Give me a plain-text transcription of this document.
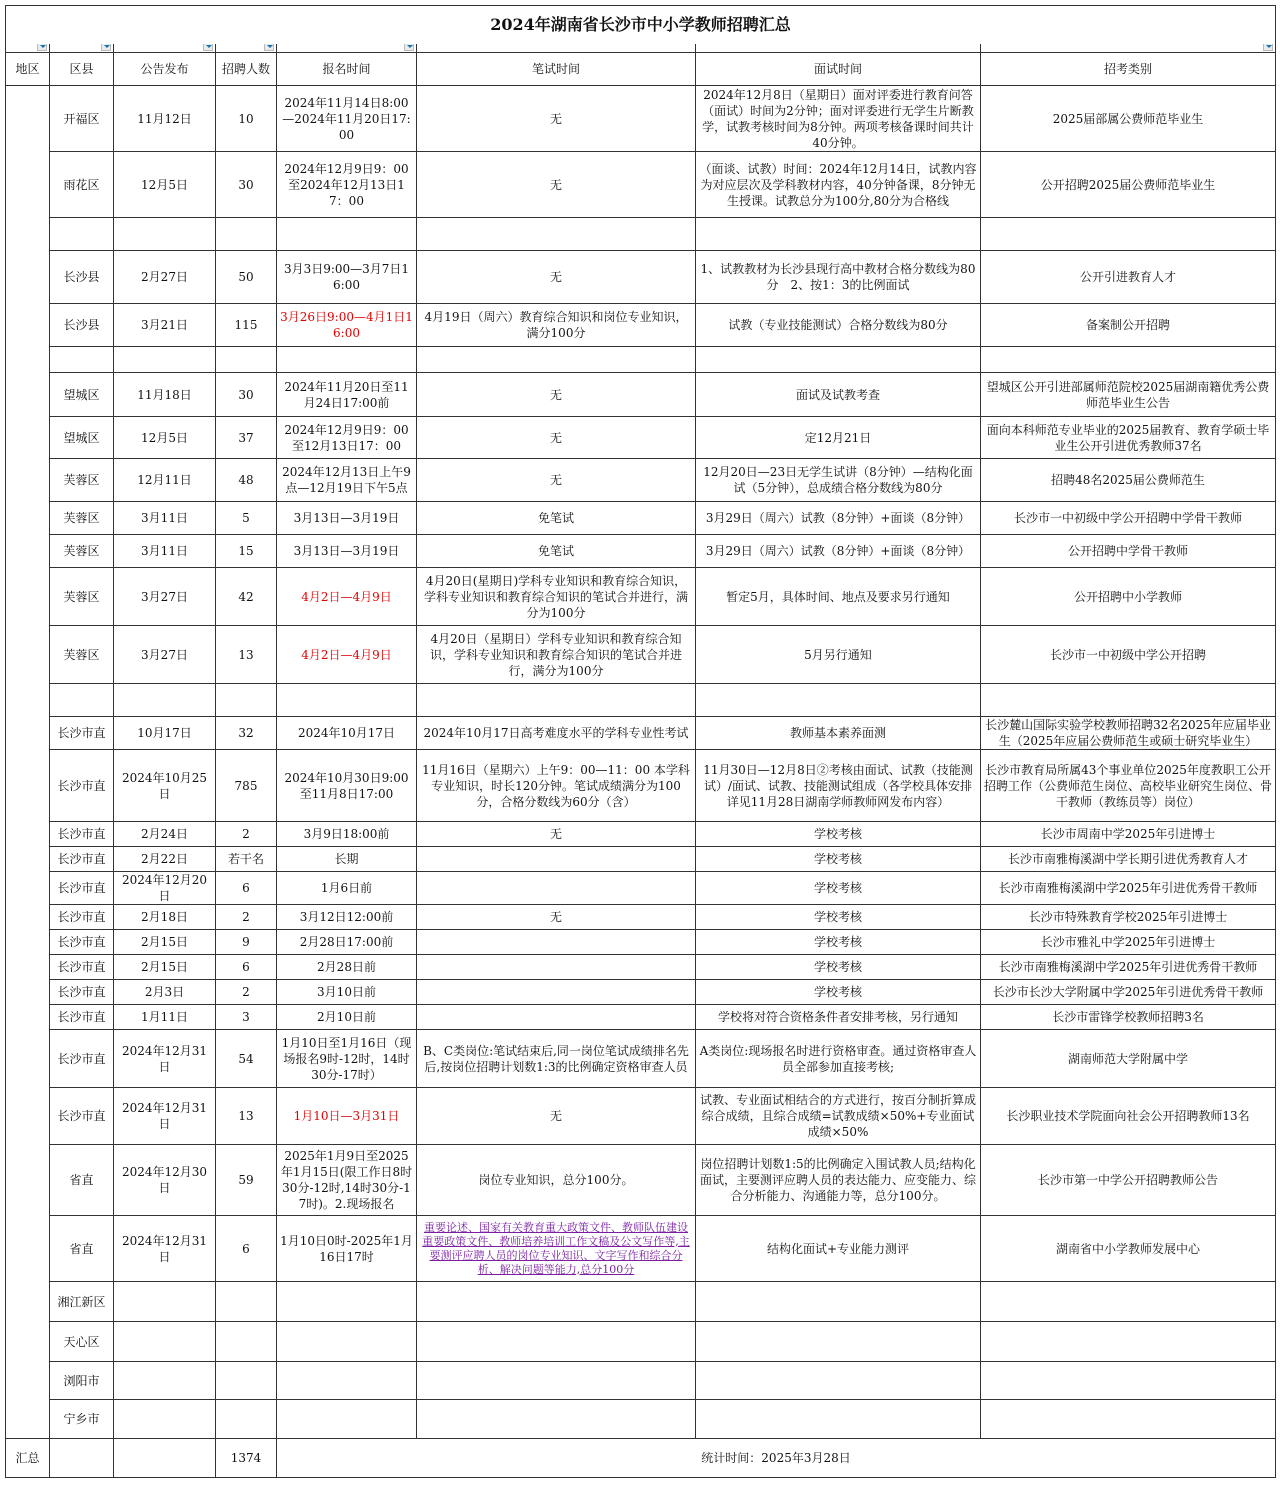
2024年湖南省长沙市中小学教师招聘汇总							

地区	区县	公告发布	招聘人数	报名时间	笔试时间	面试时间	招考类别
	开福区	11月12日	10	2024年11月14日8:00—2024年11月20日17:00	无	2024年12月8日（星期日）面对评委进行教育问答（面试）时间为2分钟；面对评委进行无学生片断教学，试教考核时间为8分钟。两项考核备课时间共计40分钟。	2025届部属公费师范毕业生
	雨花区	12月5日	30	2024年12月9日9：00至2024年12月13日17：00	无	（面谈、试教）时间：2024年12月14日，试教内容为对应层次及学科教材内容，40分钟备课，8分钟无生授课。试教总分为100分,80分为合格线	公开招聘2025届公费师范毕业生

	长沙县	2月27日	50	3月3日9:00—3月7日16:00	无	1、试教教材为长沙县现行高中教材合格分数线为80分　2、按1：3的比例面试	公开引进教育人才
	长沙县	3月21日	115	3月26日9:00—4月1日16:00	4月19日（周六）教育综合知识和岗位专业知识，满分100分	试教（专业技能测试）合格分数线为80分	备案制公开招聘

	望城区	11月18日	30	2024年11月20日至11月24日17:00前	无	面试及试教考查	望城区公开引进部属师范院校2025届湖南籍优秀公费师范毕业生公告
	望城区	12月5日	37	2024年12月9日9：00至12月13日17：00	无	定12月21日	面向本科师范专业毕业的2025届教育、教育学硕士毕业生公开引进优秀教师37名
	芙蓉区	12月11日	48	2024年12月13日上午9点—12月19日下午5点	无	12月20日—23日无学生试讲（8分钟）—结构化面试（5分钟），总成绩合格分数线为80分	招聘48名2025届公费师范生
	芙蓉区	3月11日	5	3月13日—3月19日	免笔试	3月29日（周六）试教（8分钟）+面谈（8分钟）	长沙市一中初级中学公开招聘中学骨干教师
	芙蓉区	3月11日	15	3月13日—3月19日	免笔试	3月29日（周六）试教（8分钟）+面谈（8分钟）	公开招聘中学骨干教师
	芙蓉区	3月27日	42	4月2日—4月9日	4月20日(星期日)学科专业知识和教育综合知识，学科专业知识和教育综合知识的笔试合并进行，满分为100分	暂定5月，具体时间、地点及要求另行通知	公开招聘中小学教师
	芙蓉区	3月27日	13	4月2日—4月9日	4月20日（星期日）学科专业知识和教育综合知识，学科专业知识和教育综合知识的笔试合并进行，满分为100分	5月另行通知	长沙市一中初级中学公开招聘

	长沙市直	10月17日	32	2024年10月17日	2024年10月17日高考难度水平的学科专业性考试	教师基本素养面测	长沙麓山国际实验学校教师招聘32名2025年应届毕业生（2025年应届公费师范生或硕士研究毕业生）
	长沙市直	2024年10月25日	785	2024年10月30日9:00至11月8日17:00	11月16日（星期六）上午9：00—11：00 本学科专业知识，时长120分钟。笔试成绩满分为100分，合格分数线为60分（含）	11月30日—12月8日②考核由面试、试教（技能测试）/面试、试教、技能测试组成（各学校具体安排详见11月28日湖南学师教师网发布内容）	长沙市教育局所属43个事业单位2025年度教职工公开招聘工作（公费师范生岗位、高校毕业研究生岗位、骨干教师（教练员等）岗位）
	长沙市直	2月24日	2	3月9日18:00前	无	学校考核	长沙市周南中学2025年引进博士
	长沙市直	2月22日	若干名	长期		学校考核	长沙市南雅梅溪湖中学长期引进优秀教育人才
	长沙市直	2024年12月20日	6	1月6日前		学校考核	长沙市南雅梅溪湖中学2025年引进优秀骨干教师
	长沙市直	2月18日	2	3月12日12:00前	无	学校考核	长沙市特殊教育学校2025年引进博士
	长沙市直	2月15日	9	2月28日17:00前		学校考核	长沙市雅礼中学2025年引进博士
	长沙市直	2月15日	6	2月28日前		学校考核	长沙市南雅梅溪湖中学2025年引进优秀骨干教师
	长沙市直	2月3日	2	3月10日前		学校考核	长沙市长沙大学附属中学2025年引进优秀骨干教师
	长沙市直	1月11日	3	2月10日前		学校将对符合资格条件者安排考核，另行通知	长沙市雷锋学校教师招聘3名
	长沙市直	2024年12月31日	54	1月10日至1月16日（现场报名9时-12时，14时30分-17时）	B、C类岗位:笔试结束后,同一岗位笔试成绩排名先后,按岗位招聘计划数1:3的比例确定资格审查人员	A类岗位:现场报名时进行资格审查。通过资格审查人员全部参加直接考核;	湖南师范大学附属中学
	长沙市直	2024年12月31日	13	1月10日—3月31日	无	试教、专业面试相结合的方式进行，按百分制折算成综合成绩，且综合成绩=试教成绩×50%+专业面试成绩×50%	长沙职业技术学院面向社会公开招聘教师13名
	省直	2024年12月30日	59	2025年1月9日至2025年1月15日(限工作日8时30分-12时,14时30分-17时)。2.现场报名	岗位专业知识，总分100分。	岗位招聘计划数1:5的比例确定入围试教人员;结构化面试，主要测评应聘人员的表达能力、应变能力、综合分析能力、沟通能力等，总分100分。	长沙市第一中学公开招聘教师公告
	省直	2024年12月31日	6	1月10日0时-2025年1月16日17时	重要论述、国家有关教育重大政策文件、教师队伍建设重要政策文件、教师培养培训工作文稿及公文写作等,主要测评应聘人员的岗位专业知识、文字写作和综合分析、解决问题等能力,总分100分	结构化面试+专业能力测评	湖南省中小学教师发展中心
	湘江新区						
	天心区						
	浏阳市						
	宁乡市						
汇总			1374	统计时间：2025年3月28日			
